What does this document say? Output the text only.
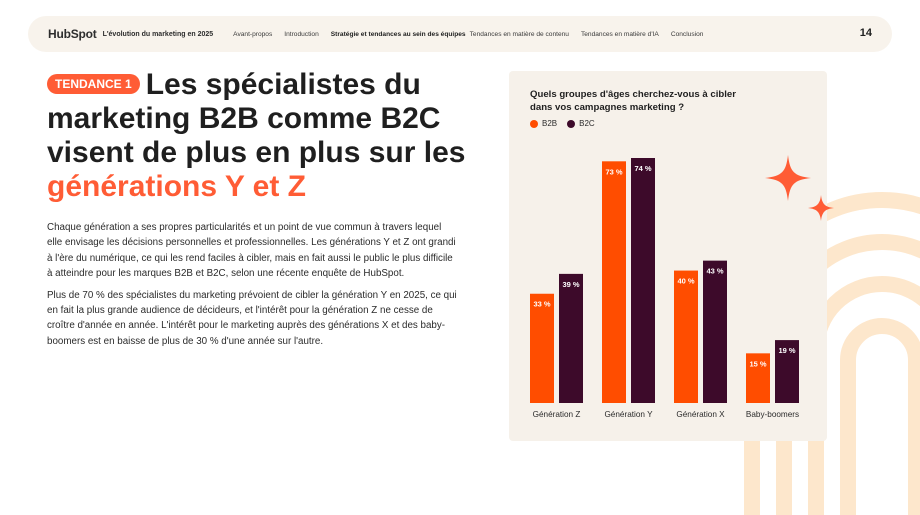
HubSpot L'évolution du marketing en 2025	Avant-propos Introduction Stratégie et tendances au sein des équipes Tendances en matière de contenu Tendances en matière d'IA Conclusion	14
TENDANCE 1 Les spécialistes du marketing B2B comme B2C visent de plus en plus sur les générations Y et Z

Chaque génération a ses propres particularités et un point de vue commun à travers lequel elle envisage les décisions personnelles et professionnelles. Les générations Y et Z ont grandi à l'ère du numérique, ce qui les rend faciles à cibler, mais en fait aussi le public le plus difficile à atteindre pour les marques B2B et B2C, selon une récente enquête de HubSpot.

Plus de 70 % des spécialistes du marketing prévoient de cibler la génération Y en 2025, ce qui en fait la plus grande audience de décideurs, et l'intérêt pour la génération Z ne cesse de croître d'année en année. L'intérêt pour le marketing auprès des générations X et des baby-boomers est en baisse de plus de 30 % d'une année sur l'autre.

Quels groupes d'âges cherchez-vous à cibler dans vos campagnes marketing ?
B2B	B2C
33 %
39 %
Génération Z
73 % 74 %
Génération Y
40 %
43 %
Génération X
15 %
19 %
Baby-boomers
